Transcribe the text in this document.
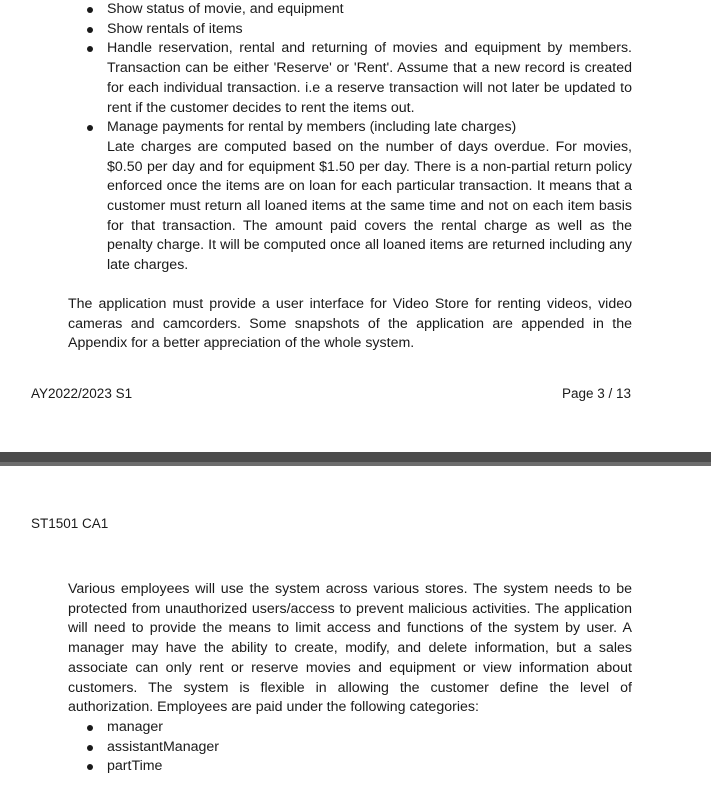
Show status of movie, and equipment
Show rentals of items
Handle reservation, rental and returning of movies and equipment by members. Transaction can be either 'Reserve' or 'Rent'. Assume that a new record is created for each individual transaction. i.e a reserve transaction will not later be updated to rent if the customer decides to rent the items out.
Manage payments for rental by members (including late charges)
Late charges are computed based on the number of days overdue. For movies, $0.50 per day and for equipment $1.50 per day. There is a non-partial return policy enforced once the items are on loan for each particular transaction. It means that a customer must return all loaned items at the same time and not on each item basis for that transaction. The amount paid covers the rental charge as well as the penalty charge. It will be computed once all loaned items are returned including any late charges.

The application must provide a user interface for Video Store for renting videos, video cameras and camcorders. Some snapshots of the application are appended in the Appendix for a better appreciation of the whole system.

AY2022/2023 S1	Page 3 / 13
ST1501 CA1

Various employees will use the system across various stores. The system needs to be protected from unauthorized users/access to prevent malicious activities. The application will need to provide the means to limit access and functions of the system by user. A manager may have the ability to create, modify, and delete information, but a sales associate can only rent or reserve movies and equipment or view information about customers. The system is flexible in allowing the customer define the level of authorization. Employees are paid under the following categories:

manager
assistantManager
partTime
